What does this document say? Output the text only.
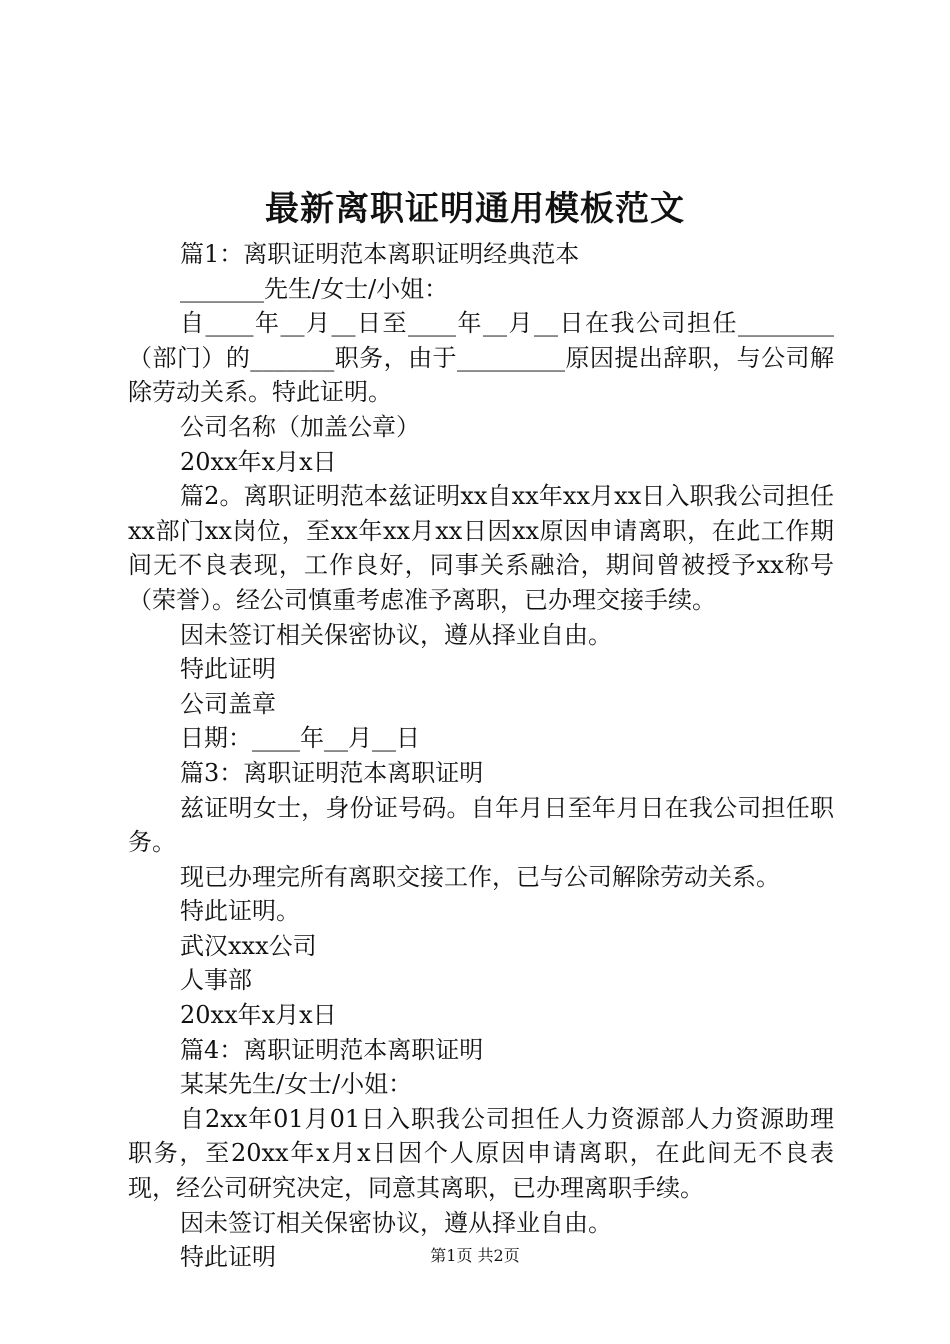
最新离职证明通用模板范文

篇1：离职证明范本离职证明经典范本

_______先生/女士/小姐：

自____年__月__日至____年__月__日在我公司担任________（部门）的_______职务，由于_________原因提出辞职，与公司解除劳动关系。特此证明。

公司名称（加盖公章）

20xx年x月x日

篇2。离职证明范本兹证明xx自xx年xx月xx日入职我公司担任xx部门xx岗位，至xx年xx月xx日因xx原因申请离职，在此工作期间无不良表现，工作良好，同事关系融洽，期间曾被授予xx称号（荣誉）。经公司慎重考虑准予离职，已办理交接手续。

因未签订相关保密协议，遵从择业自由。

特此证明

公司盖章

日期：____年__月__日

篇3：离职证明范本离职证明

兹证明女士，身份证号码。自年月日至年月日在我公司担任职务。

现已办理完所有离职交接工作，已与公司解除劳动关系。

特此证明。

武汉xxx公司

人事部

20xx年x月x日

篇4：离职证明范本离职证明

某某先生/女士/小姐：

自2xx年01月01日入职我公司担任人力资源部人力资源助理职务，至20xx年x月x日因个人原因申请离职，在此间无不良表现，经公司研究决定，同意其离职，已办理离职手续。

因未签订相关保密协议，遵从择业自由。

特此证明	第1页 共2页
